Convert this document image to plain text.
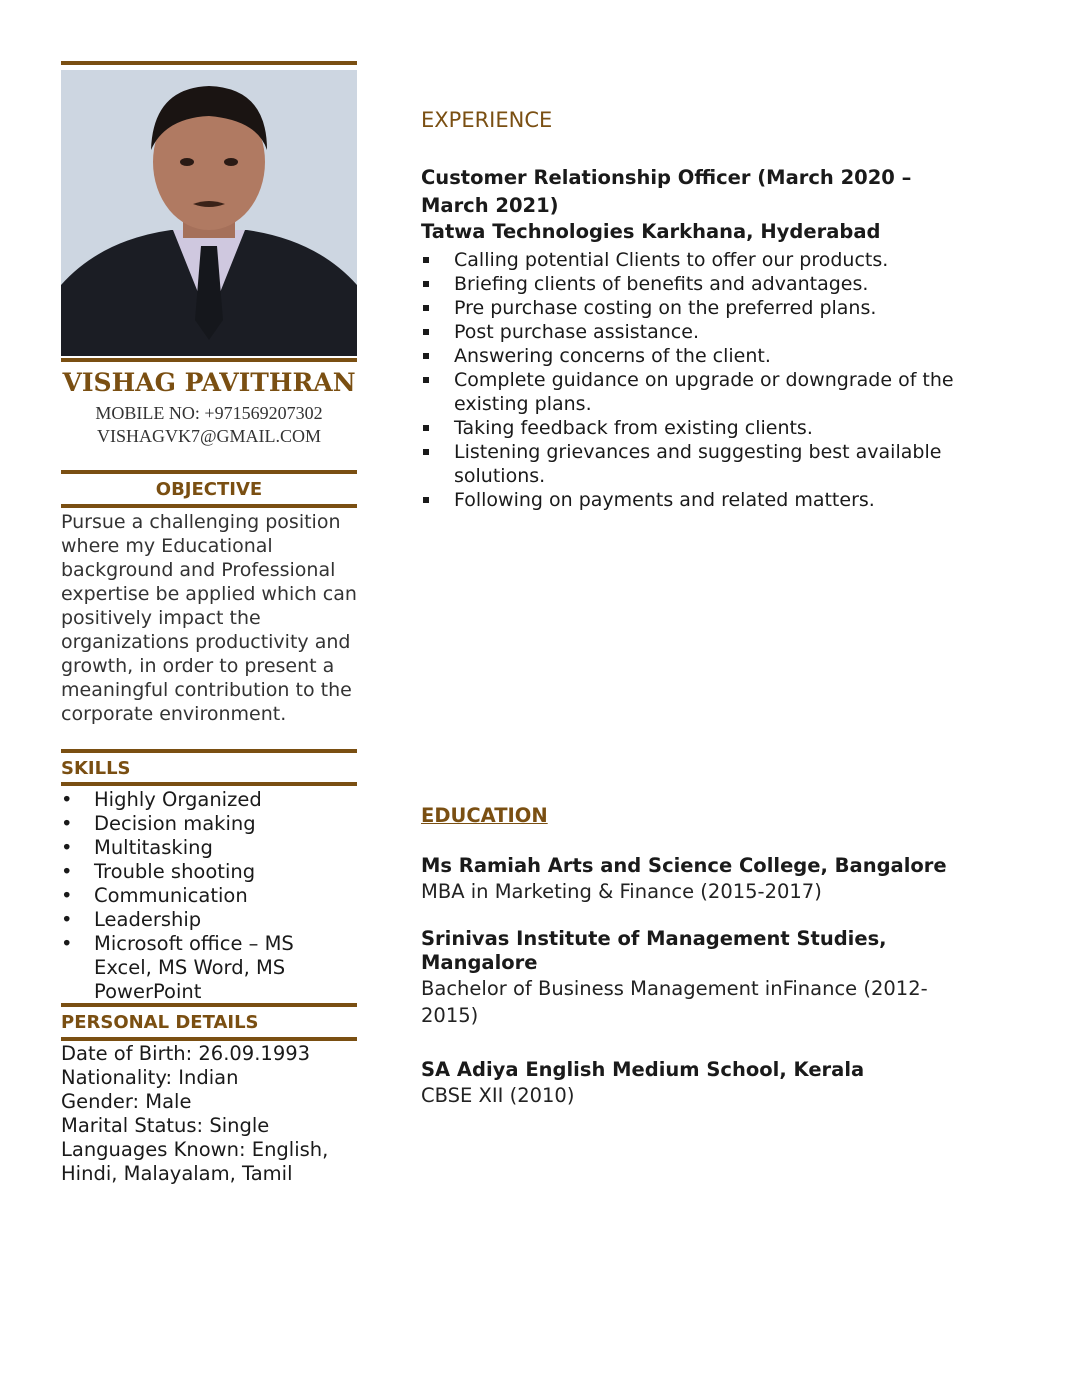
VISHAG PAVITHRAN
MOBILE NO: +971569207302
VISHAGVK7@GMAIL.COM
OBJECTIVE
Pursue a challenging position where my Educational background and Professional expertise be applied which can positively impact the organizations productivity and growth, in order to present a meaningful contribution to the corporate environment.
SKILLS
• Highly Organized
• Decision making
• Multitasking
• Trouble shooting
• Communication
• Leadership
• Microsoft office – MS Excel, MS Word, MS PowerPoint
PERSONAL DETAILS
Date of Birth: 26.09.1993
Nationality: Indian
Gender: Male
Marital Status: Single
Languages Known: English, Hindi, Malayalam, Tamil
EXPERIENCE
Customer Relationship Officer (March 2020 – March 2021)
Tatwa Technologies Karkhana, Hyderabad
Calling potential Clients to offer our products.
Briefing clients of benefits and advantages.
Pre purchase costing on the preferred plans.
Post purchase assistance.
Answering concerns of the client.
Complete guidance on upgrade or downgrade of the existing plans.
Taking feedback from existing clients.
Listening grievances and suggesting best available solutions.
Following on payments and related matters.
EDUCATION
Ms Ramiah Arts and Science College, Bangalore
MBA in Marketing & Finance (2015-2017)
Srinivas Institute of Management Studies, Mangalore
Bachelor of Business Management inFinance (2012-2015)
SA Adiya English Medium School, Kerala
CBSE XII (2010)
